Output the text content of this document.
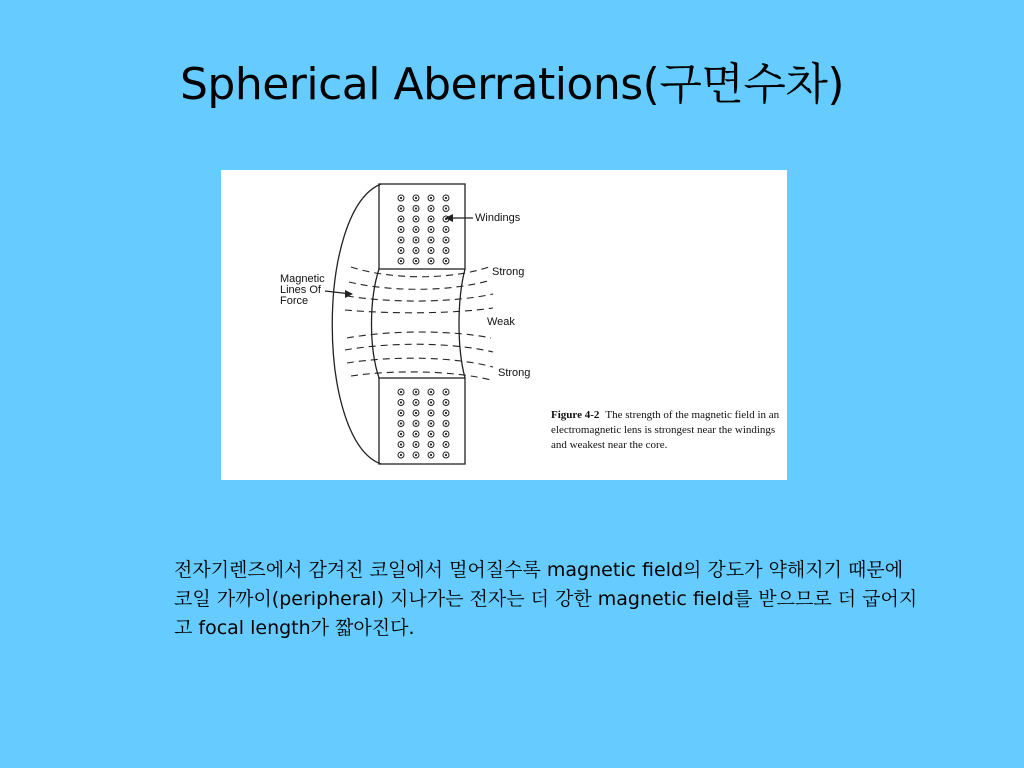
Spherical Aberrations(구면수차)
Windings
Magnetic
Lines Of
Force
Strong
Weak
Strong
Figure 4-2 The strength of the magnetic field in an electromagnetic lens is strongest near the windings and weakest near the core.
전자기렌즈에서 감겨진 코일에서 멀어질수록 magnetic field의 강도가 약해지기 때문에 코일 가까이(peripheral) 지나가는 전자는 더 강한 magnetic field를 받으므로 더 굽어지고 focal length가 짧아진다.
